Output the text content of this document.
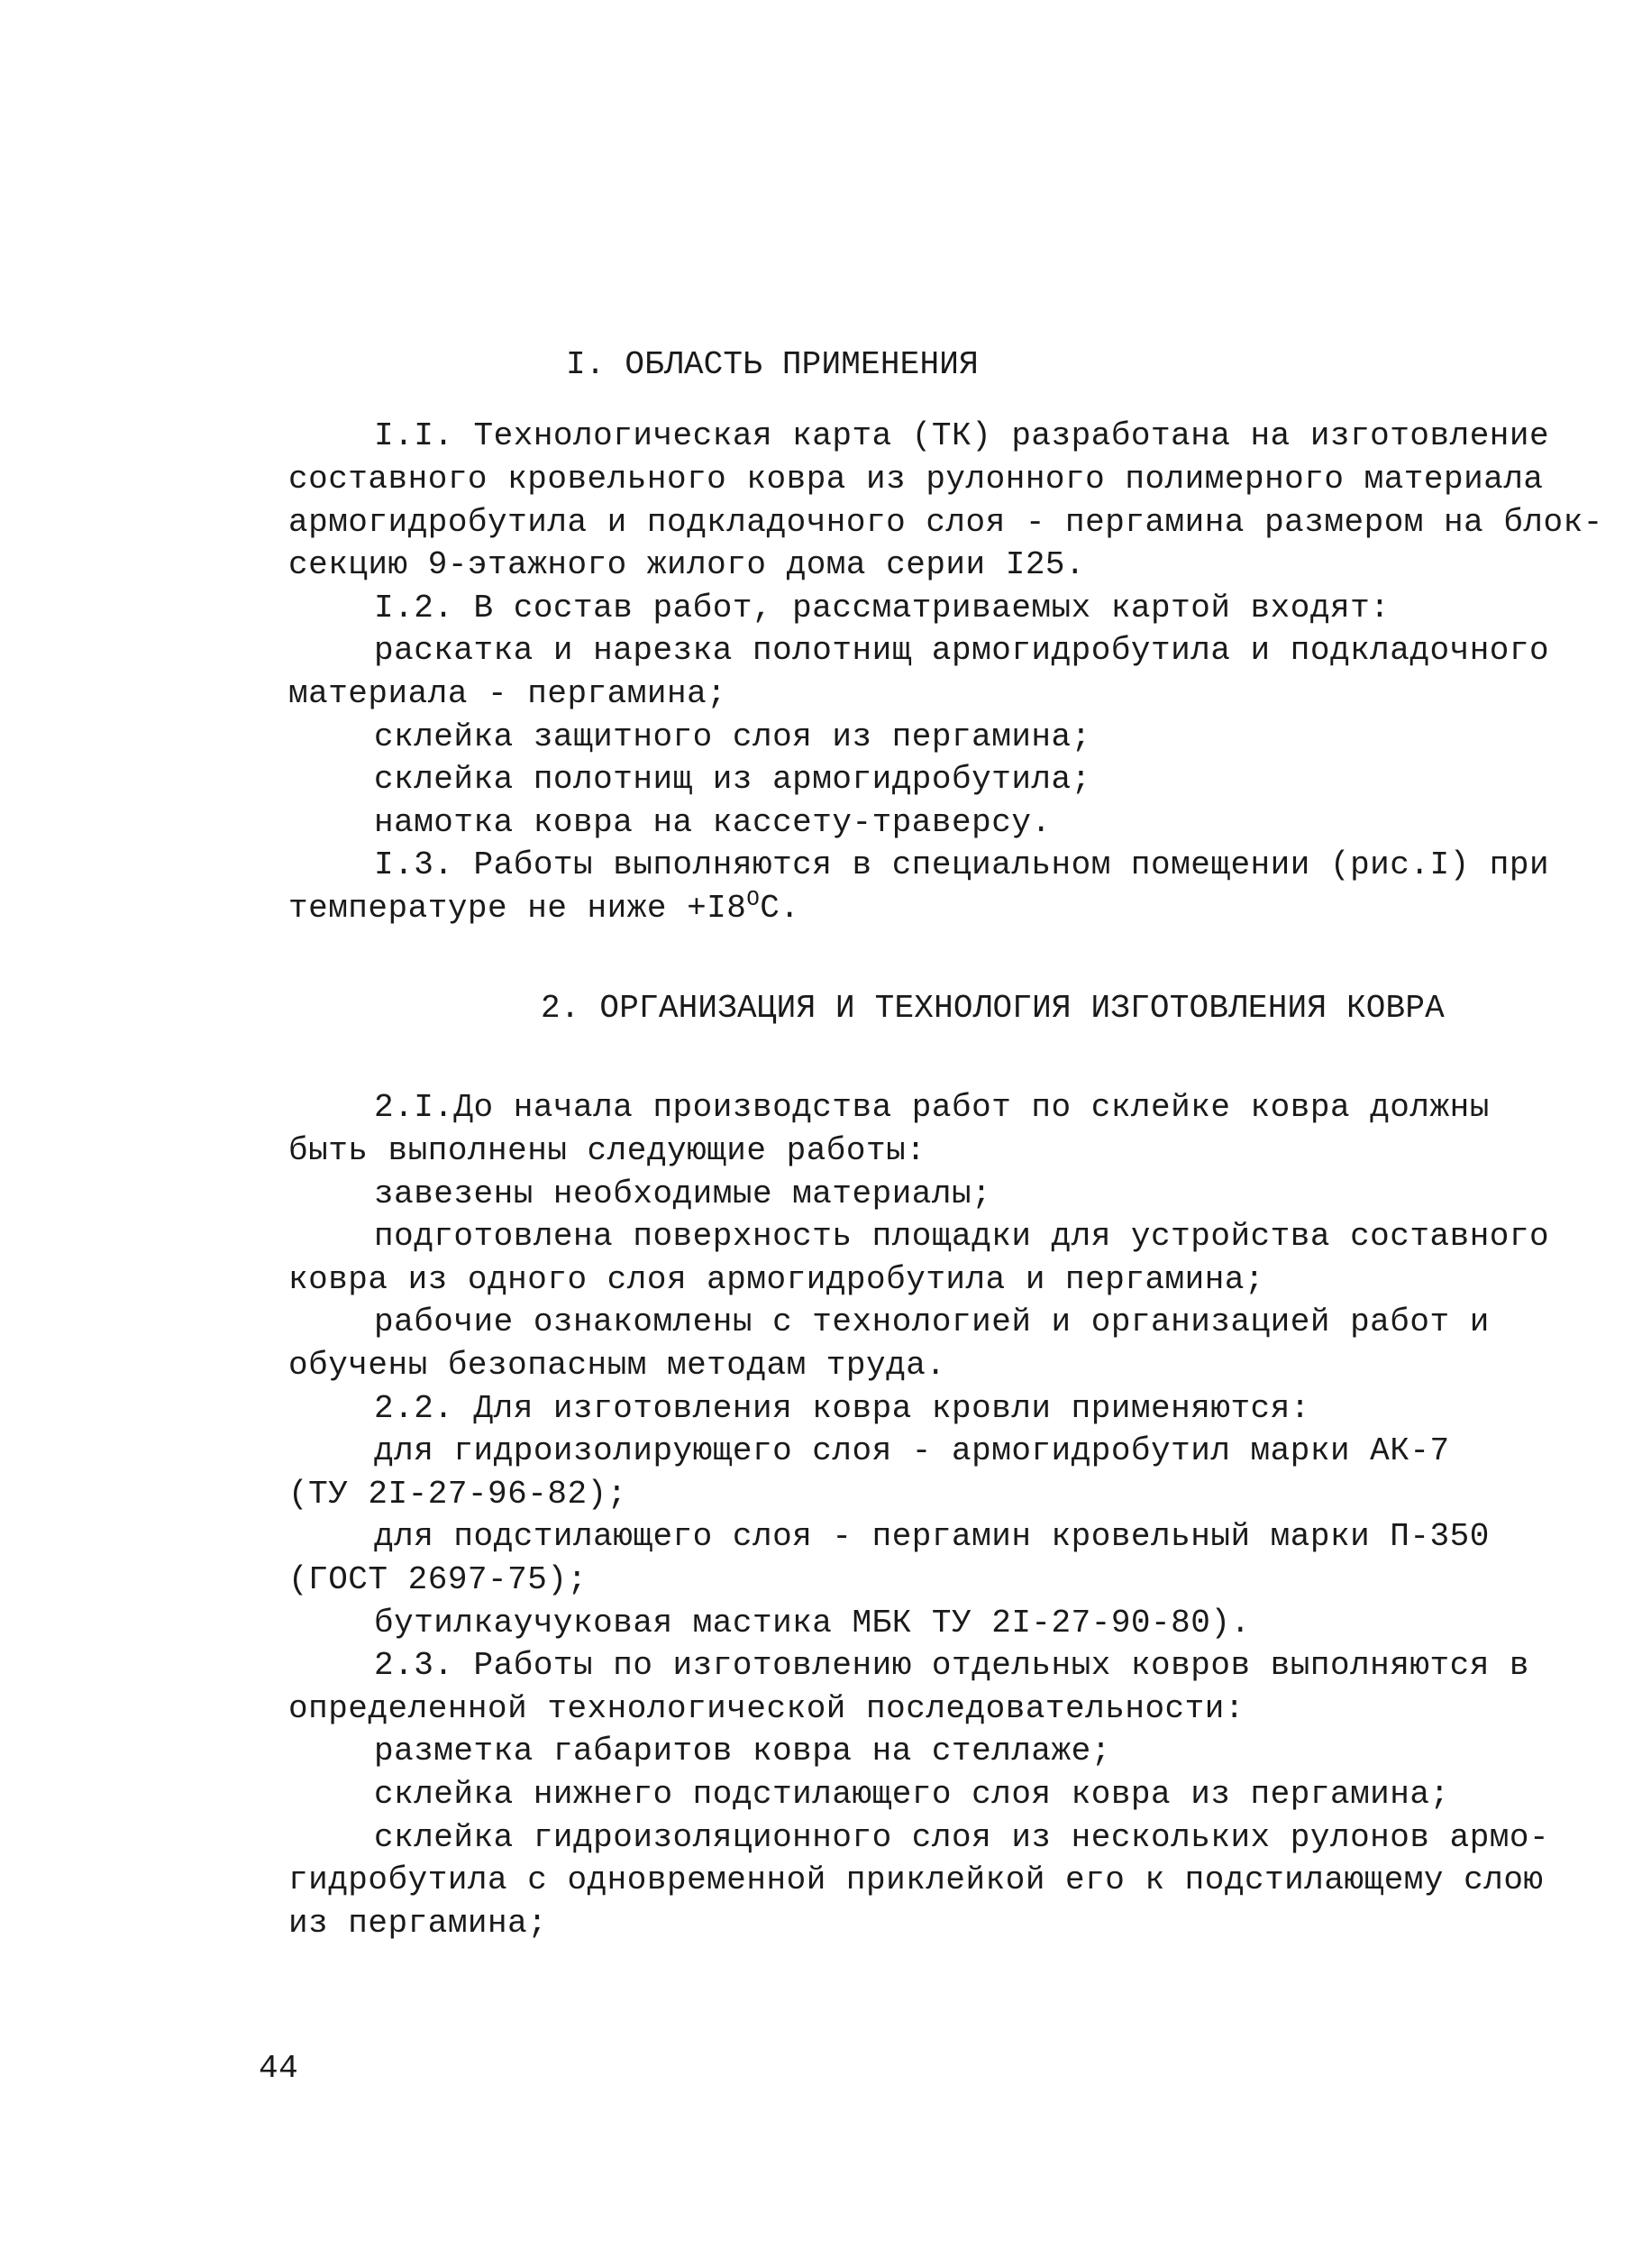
I. ОБЛАСТЬ ПРИМЕНЕНИЯ
I.I. Технологическая карта (ТК) разработана на изготовление
составного кровельного ковра из рулонного полимерного материала
армогидробутила и подкладочного слоя - пергамина размером на блок-
секцию 9-этажного жилого дома серии I25.
I.2. В состав работ, рассматриваемых картой входят:
раскатка и нарезка полотнищ армогидробутила и подкладочного
материала - пергамина;
склейка защитного слоя из пергамина;
склейка полотнищ из армогидробутила;
намотка ковра на кассету-траверсу.
I.3. Работы выполняются в специальном помещении (рис.I) при
температуре не ниже $+I8^ОС$.
2. ОРГАНИЗАЦИЯ И ТЕХНОЛОГИЯ ИЗГОТОВЛЕНИЯ КОВРА
2.I.До начала производства работ по склейке ковра должны
быть выполнены следующие работы:
завезены необходимые материалы;
подготовлена поверхность площадки для устройства составного
ковра из одного слоя армогидробутила и пергамина;
рабочие ознакомлены с технологией и организацией работ и
обучены безопасным методам труда.
2.2. Для изготовления ковра кровли применяются:
для гидроизолирующего слоя - армогидробутил марки АК-7
(ТУ 2I-27-96-82);
для подстилающего слоя - пергамин кровельный марки П-350
(ГОСТ 2697-75);
бутилкаучуковая мастика МБК ТУ 2I-27-90-80).
2.3. Работы по изготовлению отдельных ковров выполняются в
определенной технологической последовательности:
разметка габаритов ковра на стеллаже;
склейка нижнего подстилающего слоя ковра из пергамина;
склейка гидроизоляционного слоя из нескольких рулонов армо-
гидробутила с одновременной приклейкой его к подстилающему слою
из пергамина;
44
